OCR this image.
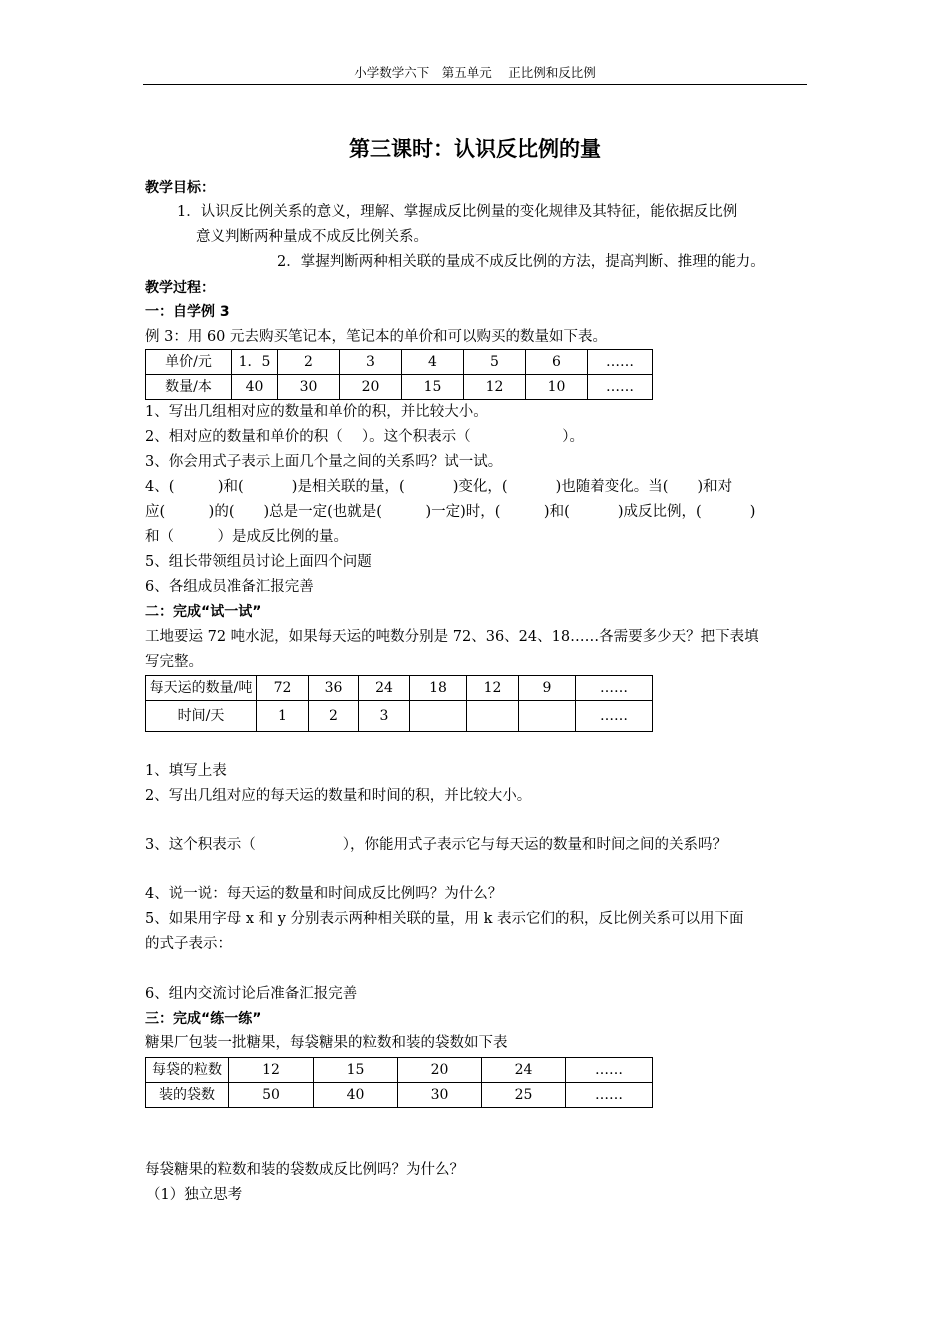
小学数学六下　第五单元　 正比例和反比例
第三课时：认识反比例的量
教学目标：
1．认识反比例关系的意义，理解、掌握成反比例量的变化规律及其特征，能依据反比例
意义判断两种量成不成反比例关系。
2．掌握判断两种相关联的量成不成反比例的方法，提高判断、推理的能力。
教学过程：
一：自学例 3
例 3：用 60 元去购买笔记本，笔记本的单价和可以购买的数量如下表。
单价/元	1．5	2	3	4	5	6	……
数量/本	40	30	20	15	12	10	……
1、写出几组相对应的数量和单价的积，并比较大小。
2、相对应的数量和单价的积（　 ）。这个积表示（　　　　　　 ）。
3、你会用式子表示上面几个量之间的关系吗？试一试。
4、(　　　)和(　　　 )是相关联的量，(　　　 )变化，(　　　 )也随着变化。当(　　)和对
应(　　　)的(　　)总是一定(也就是(　　　)一定)时，(　　　)和(　　　 )成反比例，(　　　 )
和（　　　）是成反比例的量。
5、组长带领组员讨论上面四个问题
6、各组成员准备汇报完善
二：完成“试一试”
工地要运 72 吨水泥，如果每天运的吨数分别是 72、36、24、18……各需要多少天？把下表填
写完整。
每天运的数量/吨	72	36	24	18	12	9	……
时间/天	1	2	3				……
1、填写上表
2、写出几组对应的每天运的数量和时间的积，并比较大小。
3、这个积表示（　　　　　　），你能用式子表示它与每天运的数量和时间之间的关系吗？
4、说一说：每天运的数量和时间成反比例吗？为什么？
5、如果用字母 x 和 y 分别表示两种相关联的量，用 k 表示它们的积，反比例关系可以用下面
的式子表示：
6、组内交流讨论后准备汇报完善
三：完成“练一练”
糖果厂包装一批糖果，每袋糖果的粒数和装的袋数如下表
每袋的粒数	12	15	20	24	……
装的袋数	50	40	30	25	……
每袋糖果的粒数和装的袋数成反比例吗？为什么？
（1）独立思考
